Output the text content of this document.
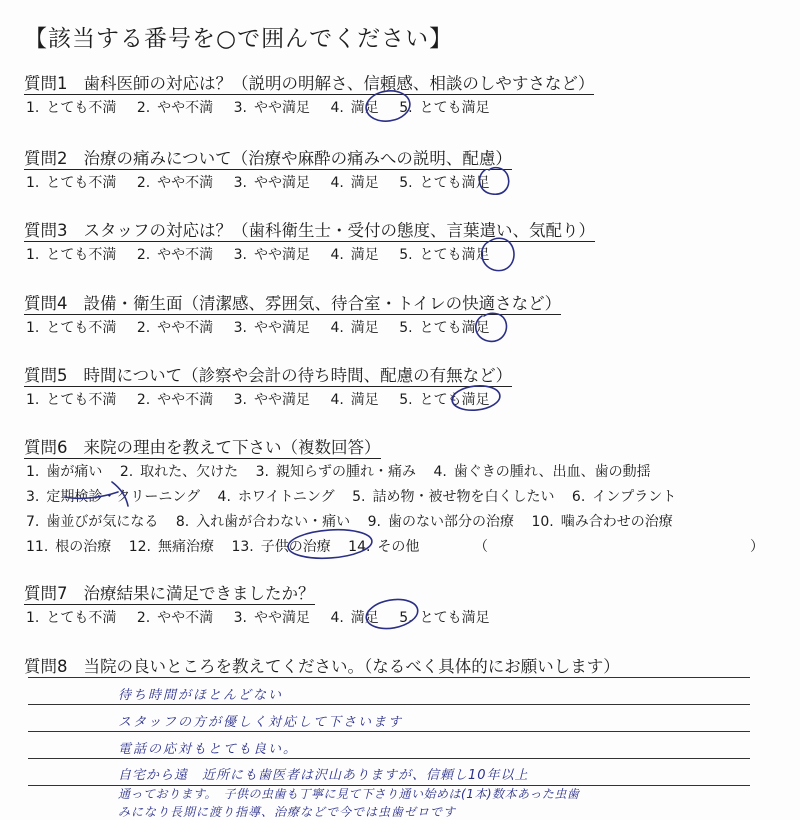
【該当する番号を○で囲んでください】
質問1 歯科医師の対応は？（説明の明解さ、信頼感、相談のしやすさなど）
1. とても不満 2. やや不満 3. やや満足 4. 満足 5. とても満足
質問2 治療の痛みについて（治療や麻酔の痛みへの説明、配慮）
1. とても不満 2. やや不満 3. やや満足 4. 満足 5. とても満足
質問3 スタッフの対応は？（歯科衛生士・受付の態度、言葉遣い、気配り）
1. とても不満 2. やや不満 3. やや満足 4. 満足 5. とても満足
質問4 設備・衛生面（清潔感、雰囲気、待合室・トイレの快適さなど）
1. とても不満 2. やや不満 3. やや満足 4. 満足 5. とても満足
質問5 時間について（診察や会計の待ち時間、配慮の有無など）
1. とても不満 2. やや不満 3. やや満足 4. 満足 5. とても満足
質問6 来院の理由を教えて下さい（複数回答）
1. 歯が痛い 2. 取れた、欠けた 3. 親知らずの腫れ・痛み 4. 歯ぐきの腫れ、出血、歯の動揺
3. 定期検診・クリーニング 4. ホワイトニング 5. 詰め物・被せ物を白くしたい 6. インプラント
7. 歯並びが気になる 8. 入れ歯が合わない・痛い 9. 歯のない部分の治療 10. 噛み合わせの治療
11. 根の治療 12. 無痛治療 13. 子供の治療 14. その他	（	）
質問7 治療結果に満足できましたか？
1. とても不満 2. やや不満 3. やや満足 4. 満足 5. とても満足
質問8 当院の良いところを教えてください。（なるべく具体的にお願いします）
待ち時間がほとんどない
スタッフの方が優しく対応して下さいます
電話の応対もとても良い。
自宅から遠　近所にも歯医者は沢山ありますが、信頼し10年以上
通っております。　子供の虫歯も丁寧に見て下さり通い始めは(1本)数本あった虫歯
みになり長期に渡り指導、治療などで今では虫歯ゼロです
